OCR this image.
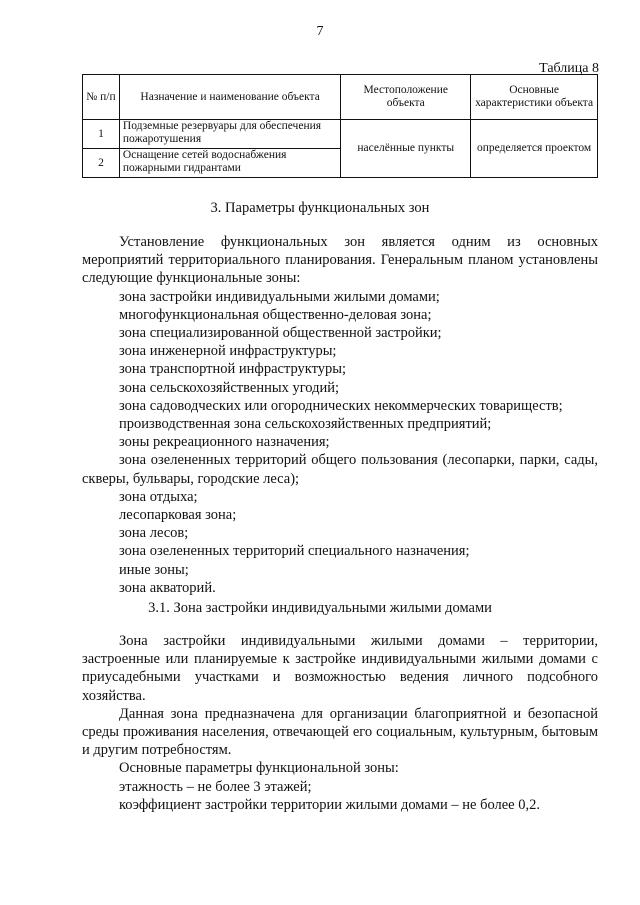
7
Таблица 8
№ п/п	Назначение и наименование объекта	Местоположение объекта	Основные характеристики объекта
1	Подземные резервуары для обеспечения пожаротушения	населённые пункты	определяется проектом
2	Оснащение сетей водоснабжения пожарными гидрантами		
3. Параметры функциональных зон

Установление функциональных зон является одним из основных мероприятий территориального планирования. Генеральным планом установлены следующие функциональные зоны:

зона застройки индивидуальными жилыми домами;

многофункциональная общественно-деловая зона;

зона специализированной общественной застройки;

зона инженерной инфраструктуры;

зона транспортной инфраструктуры;

зона сельскохозяйственных угодий;

зона садоводческих или огороднических некоммерческих товариществ;

производственная зона сельскохозяйственных предприятий;

зоны рекреационного назначения;

зона озелененных территорий общего пользования (лесопарки, парки, сады, скверы, бульвары, городские леса);

зона отдыха;

лесопарковая зона;

зона лесов;

зона озелененных территорий специального назначения;

иные зоны;

зона акваторий.

3.1. Зона застройки индивидуальными жилыми домами

Зона застройки индивидуальными жилыми домами – территории, застроенные или планируемые к застройке индивидуальными жилыми домами с приусадебными участками и возможностью ведения личного подсобного хозяйства.

Данная зона предназначена для организации благоприятной и безопасной среды проживания населения, отвечающей его социальным, культурным, бытовым и другим потребностям.

Основные параметры функциональной зоны:

этажность – не более 3 этажей;

коэффициент застройки территории жилыми домами – не более 0,2.
